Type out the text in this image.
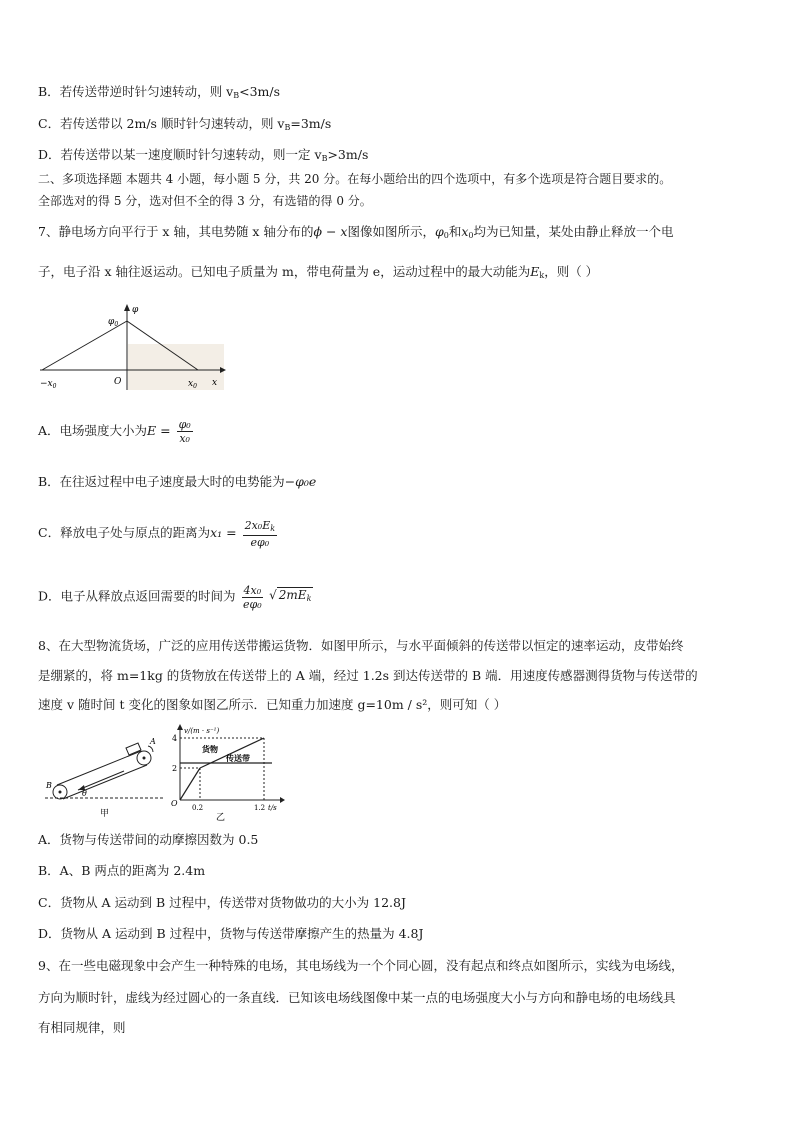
B．若传送带逆时针匀速转动，则 $v_B<3m/s$
C．若传送带以 2m/s 顺时针匀速转动，则 $v_B=3m/s$
D．若传送带以某一速度顺时针匀速转动，则一定 $v_B>3m/s$
二、多项选择题 本题共 4 小题，每小题 5 分，共 20 分。在每小题给出的四个选项中，有多个选项是符合题目要求的。
全部选对的得 5 分，选对但不全的得 3 分，有选错的得 0 分。
7、静电场方向平行于 x 轴，其电势随 x 轴分布的ϕ − x图像如图所示，$\varphi_0$和$x_0$均为已知量，某处由静止释放一个电
子，电子沿 x 轴往返运动。已知电子质量为 m，带电荷量为 e，运动过程中的最大动能为$E_k$，则（ ）
φ
$\varphi_0$
$-x_0$	O	$x_0$ x
A．电场强度大小为$E = \frac{\text{φ₀}}{\text{x₀}}$
B．在往返过程中电子速度最大时的电势能为−φ₀e
C．释放电子处与原点的距离为$x_1 = \frac{2x_0E_k}{\text{eφ₀}}$
D．电子从释放点返回需要的时间为 $\frac{\text{4x₀}}{\text{eφ₀}}$ √ $2mE_k$
8、在大型物流货场，广泛的应用传送带搬运货物．如图甲所示，与水平面倾斜的传送带以恒定的速率运动，皮带始终
是绷紧的，将 m=1kg 的货物放在传送带上的 A 端，经过 1.2s 到达传送带的 B 端．用速度传感器测得货物与传送带的
速度 v 随时间 t 变化的图象如图乙所示．已知重力加速度 g=10m / s²，则可知（ ）
A
B
θ
甲
v/(m · s⁻¹)
4
2
O 0.2	1.2 t/s
货物
传送带
乙
A．货物与传送带间的动摩擦因数为 0.5
B．A、B 两点的距离为 2.4m
C．货物从 A 运动到 B 过程中，传送带对货物做功的大小为 12.8J
D．货物从 A 运动到 B 过程中，货物与传送带摩擦产生的热量为 4.8J
9、在一些电磁现象中会产生一种特殊的电场，其电场线为一个个同心圆，没有起点和终点如图所示，实线为电场线，
方向为顺时针，虚线为经过圆心的一条直线．已知该电场线图像中某一点的电场强度大小与方向和静电场的电场线具
有相同规律，则
